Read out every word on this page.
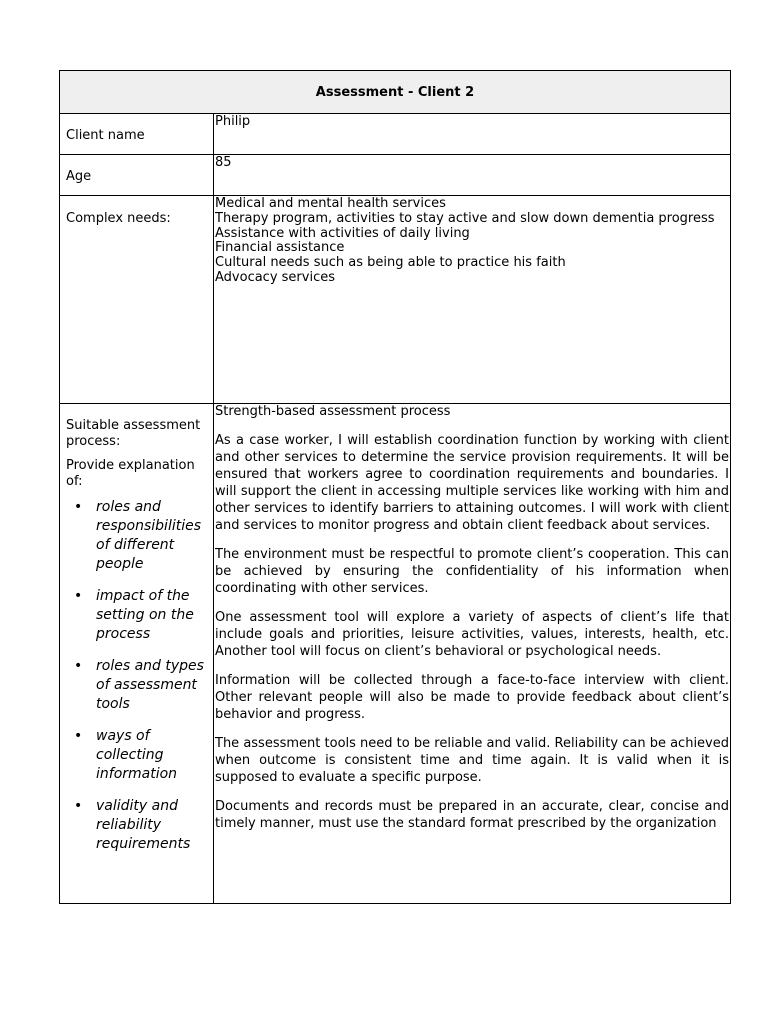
Assessment - Client 2
Client name
Philip
Age
85
Complex needs:
Medical and mental health services
Therapy program, activities to stay active and slow down dementia progress
Assistance with activities of daily living
Financial assistance
Cultural needs such as being able to practice his faith
Advocacy services

Suitable assessment process:

Provide explanation of:

• roles and responsibilities of different people
• impact of the setting on the process
• roles and types of assessment tools
• ways of collecting information
• validity and reliability requirements
Strength-based assessment process

As a case worker, I will establish coordination function by working with client and other services to determine the service provision requirements. It will be ensured that workers agree to coordination requirements and boundaries. I will support the client in accessing multiple services like working with him and other services to identify barriers to attaining outcomes. I will work with client and services to monitor progress and obtain client feedback about services.

The environment must be respectful to promote client’s cooperation. This can be achieved by ensuring the confidentiality of his information when coordinating with other services.

One assessment tool will explore a variety of aspects of client’s life that include goals and priorities, leisure activities, values, interests, health, etc. Another tool will focus on client’s behavioral or psychological needs.

Information will be collected through a face-to-face interview with client. Other relevant people will also be made to provide feedback about client’s behavior and progress.

The assessment tools need to be reliable and valid. Reliability can be achieved when outcome is consistent time and time again. It is valid when it is supposed to evaluate a specific purpose.

Documents and records must be prepared in an accurate, clear, concise and timely manner, must use the standard format prescribed by the organization
